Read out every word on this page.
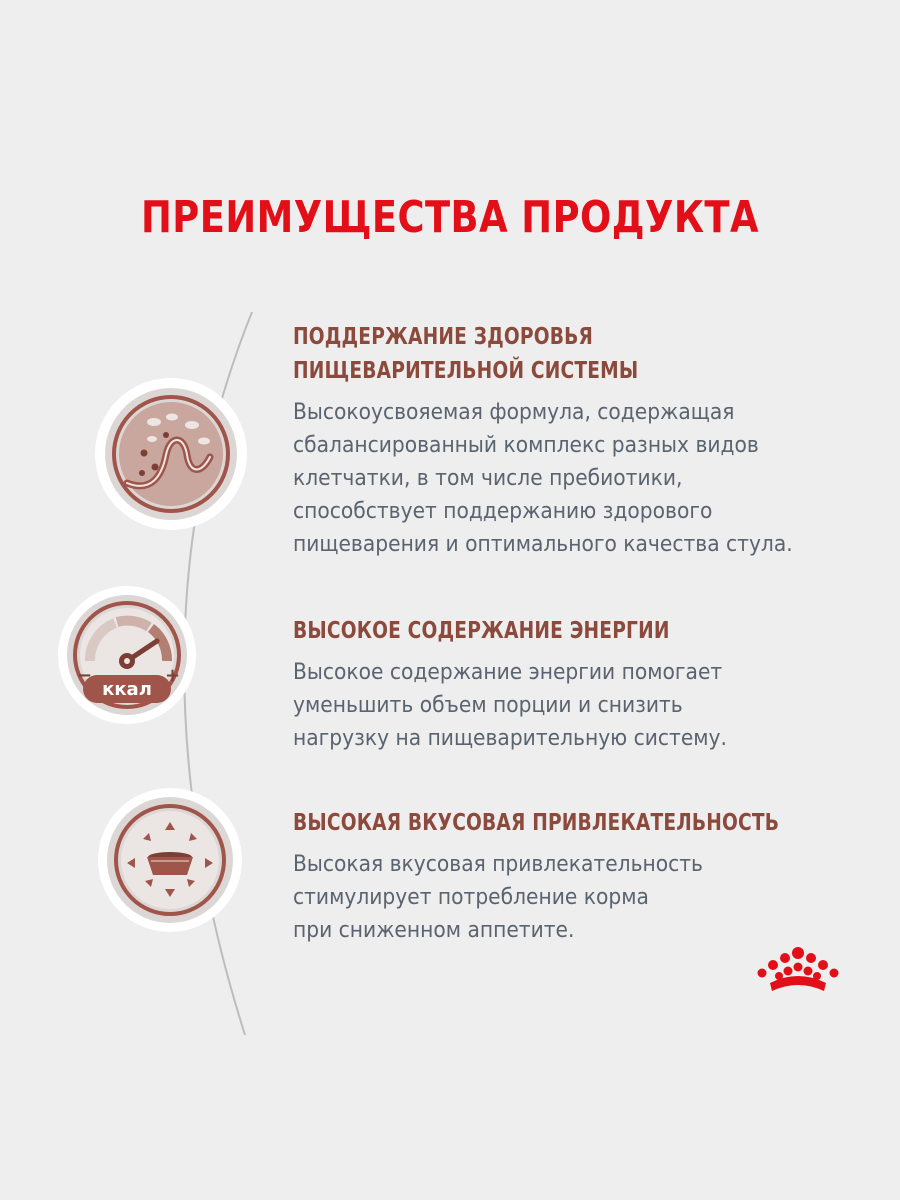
ПРЕИМУЩЕСТВА ПРОДУКТА
ккал
−	+
ПОДДЕРЖАНИЕ ЗДОРОВЬЯ
ПИЩЕВАРИТЕЛЬНОЙ СИСТЕМЫ

Высокоусвояемая формула, содержащая
сбалансированный комплекс разных видов
клетчатки, в том числе пребиотики,
способствует поддержанию здорового
пищеварения и оптимального качества стула.

ВЫСОКОЕ СОДЕРЖАНИЕ ЭНЕРГИИ

Высокое содержание энергии помогает
уменьшить объем порции и снизить
нагрузку на пищеварительную систему.

ВЫСОКАЯ ВКУСОВАЯ ПРИВЛЕКАТЕЛЬНОСТЬ

Высокая вкусовая привлекательность
стимулирует потребление корма
при сниженном аппетите.
